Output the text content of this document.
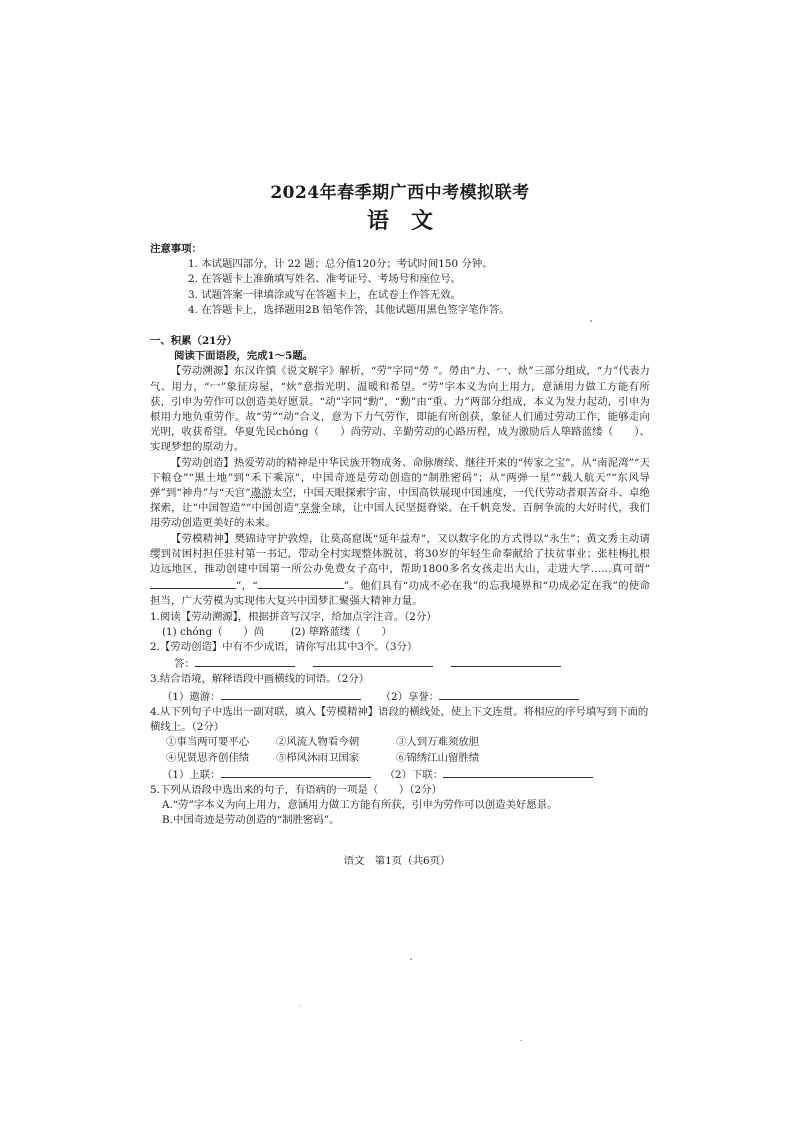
2024年春季期广西中考模拟联考
语文
注意事项：
1. 本试题四部分，计 22 题；总分值120分；考试时间150 分钟。
2. 在答题卡上准确填写姓名、准考证号、考场号和座位号。
3. 试题答案一律填涂或写在答题卡上，在试卷上作答无效。
4. 在答题卡上，选择题用2B 铅笔作答，其他试题用黑色签字笔作答。
一、积累（21分）
阅读下面语段，完成1～5题。
【劳动溯源】东汉许慎《说文解字》解析，“劳”字同“勞 ”。勞由“力、冖、炏”三部分组成，“力”代表力气、用力，“冖”象征房屋，“炏”意指光明、温暖和希望。“劳”字本义为向上用力，意涵用力做工方能有所获，引申为劳作可以创造美好愿景。“动”字同“勳”，“勳”由“重、力”两部分组成，本义为发力起动，引申为根用力地负重劳作。故“劳”“动”合义，意为下力气劳作，即能有所创获，象征人们通过劳动工作，能够走向光明，收获希望。华夏先民chóng（　　）尚劳动、辛勤劳动的心路历程，成为激励后人筚路蓝缕（　　）、实现梦想的原动力。
【劳动创造】热爱劳动的精神是中华民族开物成务、命脉赓续、继往开来的“传家之宝”。从“南泥湾”“天下粮仓”“黑土地”到“禾下乘凉”，中国奇迹是劳动创造的“制胜密码”；从“两弹一星”“载人航天”“东风导弹”到“神舟”与“天宫”遨游太空，中国天眼探索宇宙，中国高铁展现中国速度，一代代劳动者艰苦奋斗、卓绝探索，让“中国智造”“中国创造”享誉全球，让中国人民坚挺脊梁。在千帆竞发、百舸争流的大好时代，我们用劳动创造更美好的未来。
【劳模精神】樊锦诗守护敦煌，让莫高窟既“延年益寿”，又以数字化的方式得以“永生”；黄文秀主动请缨到贫困村担任驻村第一书记，带动全村实现整体脱贫，将30岁的年轻生命奉献给了扶贫事业；张桂梅扎根边远地区，推动创建中国第一所公办免费女子高中，帮助1800多名女孩走出大山，走进大学……真可谓“”，“	”。他们具有“功成不必在我”的忘我境界和“功成必定在我”的使命担当，广大劳模为实现伟大复兴中国梦汇聚强大精神力量。
1.阅读【劳动溯源】，根据拼音写汉字，给加点字注音。（2分）
(1) chóng（　　）尚	(2) 筚路蓝缕（　　）
2.【劳动创造】中有不少成语，请你写出其中3个。（3分）
答：
3.结合语境，解释语段中画横线的词语。（2分）
（1）遨游：	（2）享誉：
4.从下列句子中选出一副对联，填入【劳模精神】语段的横线处，使上下文连贯。将相应的序号填写到下面的横线上。（2分）
①事当两可要平心	②风流人物看今朝	③人到万难须放胆
④见贤思齐创佳绩	⑤栉风沐雨卫国家	⑥锦绣江山留胜绩
（1）上联：	（2）下联：
5.下列从语段中选出来的句子，有语病的一项是（　　）（2分）
A.“劳”字本义为向上用力，意涵用力做工方能有所获，引申为劳作可以创造美好愿景。
B.中国奇迹是劳动创造的“制胜密码”。
语文　第1页（共6页）
